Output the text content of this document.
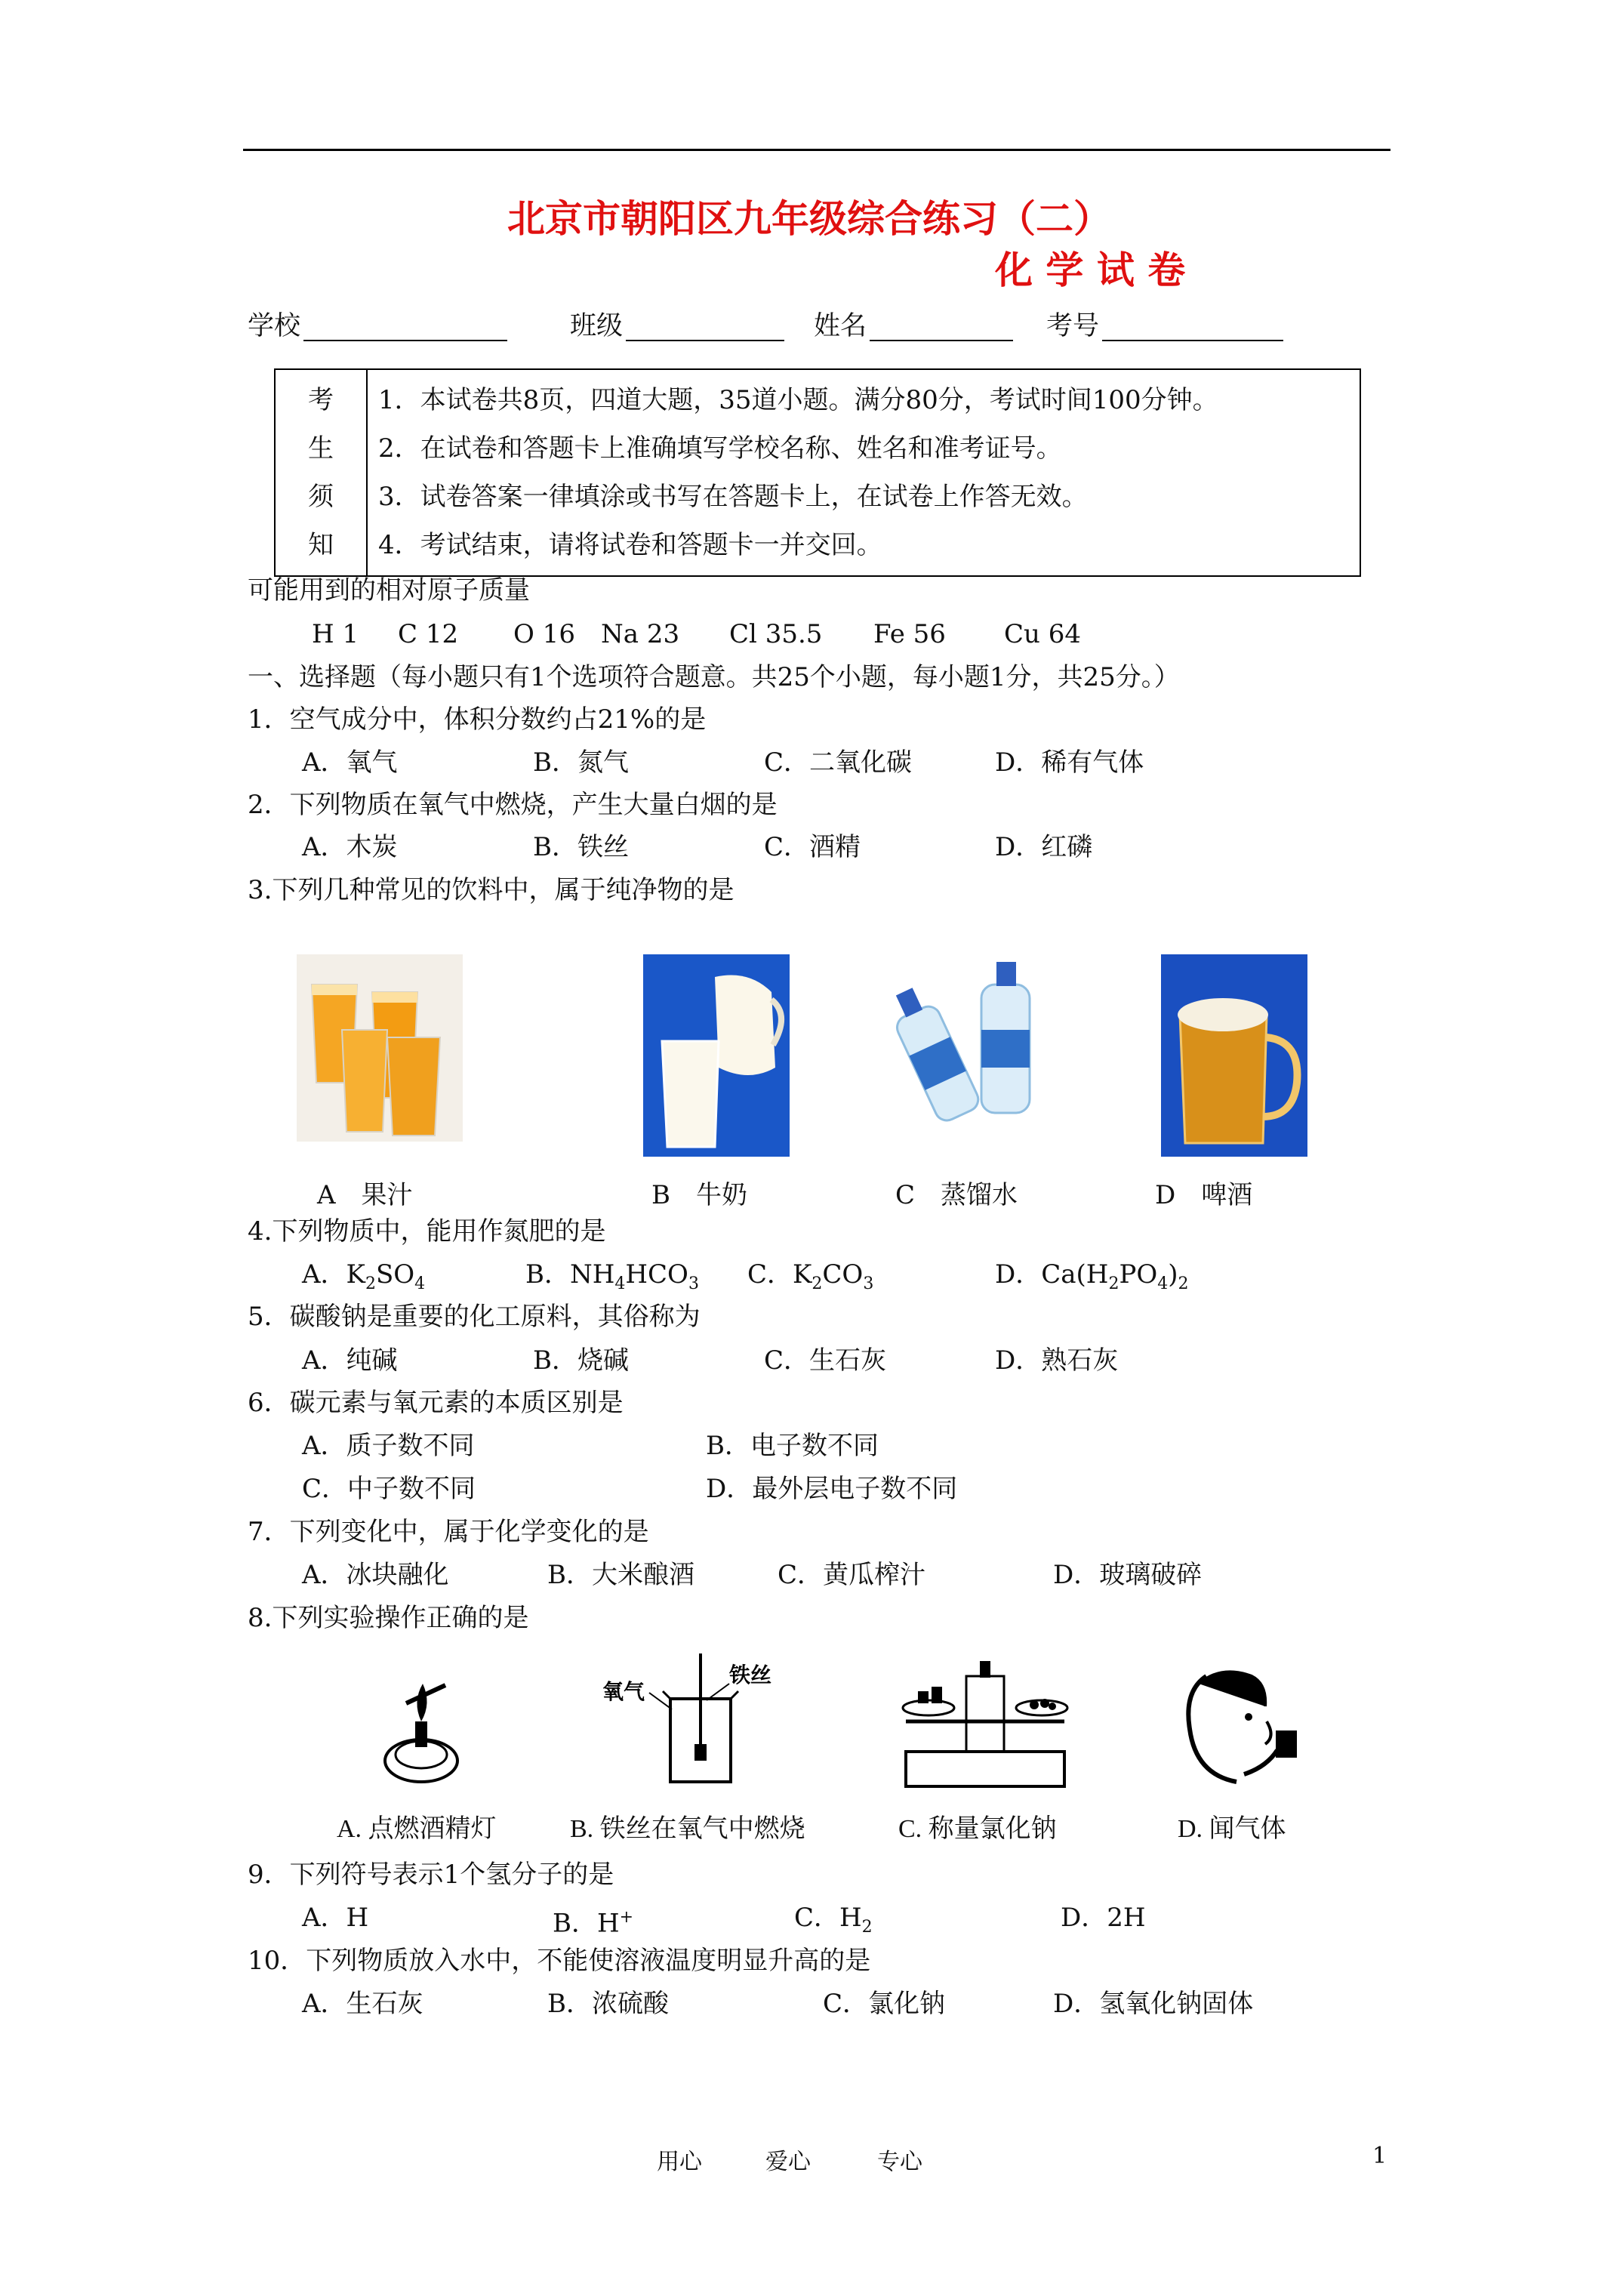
北京市朝阳区九年级综合练习（二）
化 学 试 卷
学校	班级	姓名	考号
考
生
须
知

1．本试卷共8页，四道大题，35道小题。满分80分，考试时间100分钟。
2．在试卷和答题卡上准确填写学校名称、姓名和准考证号。
3．试卷答案一律填涂或书写在答题卡上，在试卷上作答无效。
4．考试结束，请将试卷和答题卡一并交回。
可能用到的相对原子质量
H 1 C 12 O 16 Na 23 Cl 35.5 Fe 56 Cu 64
一、选择题（每小题只有1个选项符合题意。共25个小题，每小题1分，共25分。）
1．空气成分中，体积分数约占21%的是
A．氧气	B．氮气	C．二氧化碳	D．稀有气体
2．下列物质在氧气中燃烧，产生大量白烟的是
A．木炭	B．铁丝	C．酒精	D．红磷
3.下列几种常见的饮料中，属于纯净物的是
A　果汁	B　牛奶	C　蒸馏水	D　啤酒
4.下列物质中，能用作氮肥的是
A．$K_2SO_4$	B．$NH_4HCO_3$ C．$K_2CO_3$	D．$Ca(H_2PO_4)_2$
5．碳酸钠是重要的化工原料，其俗称为
A．纯碱	B．烧碱	C．生石灰	D．熟石灰
6．碳元素与氧元素的本质区别是
A．质子数不同	B．电子数不同
C．中子数不同	D．最外层电子数不同
7．下列变化中，属于化学变化的是
A．冰块融化	B．大米酿酒	C．黄瓜榨汁	D．玻璃破碎
8.下列实验操作正确的是
氧气
铁丝
A. 点燃酒精灯	B. 铁丝在氧气中燃烧	C. 称量氯化钠	D. 闻气体
9．下列符号表示1个氢分子的是
A．H	B．H+	C．$H_2$	D．2H
10．下列物质放入水中，不能使溶液温度明显升高的是
A．生石灰	B．浓硫酸	C．氯化钠	D．氢氧化钠固体
用心	爱心	专心	1
